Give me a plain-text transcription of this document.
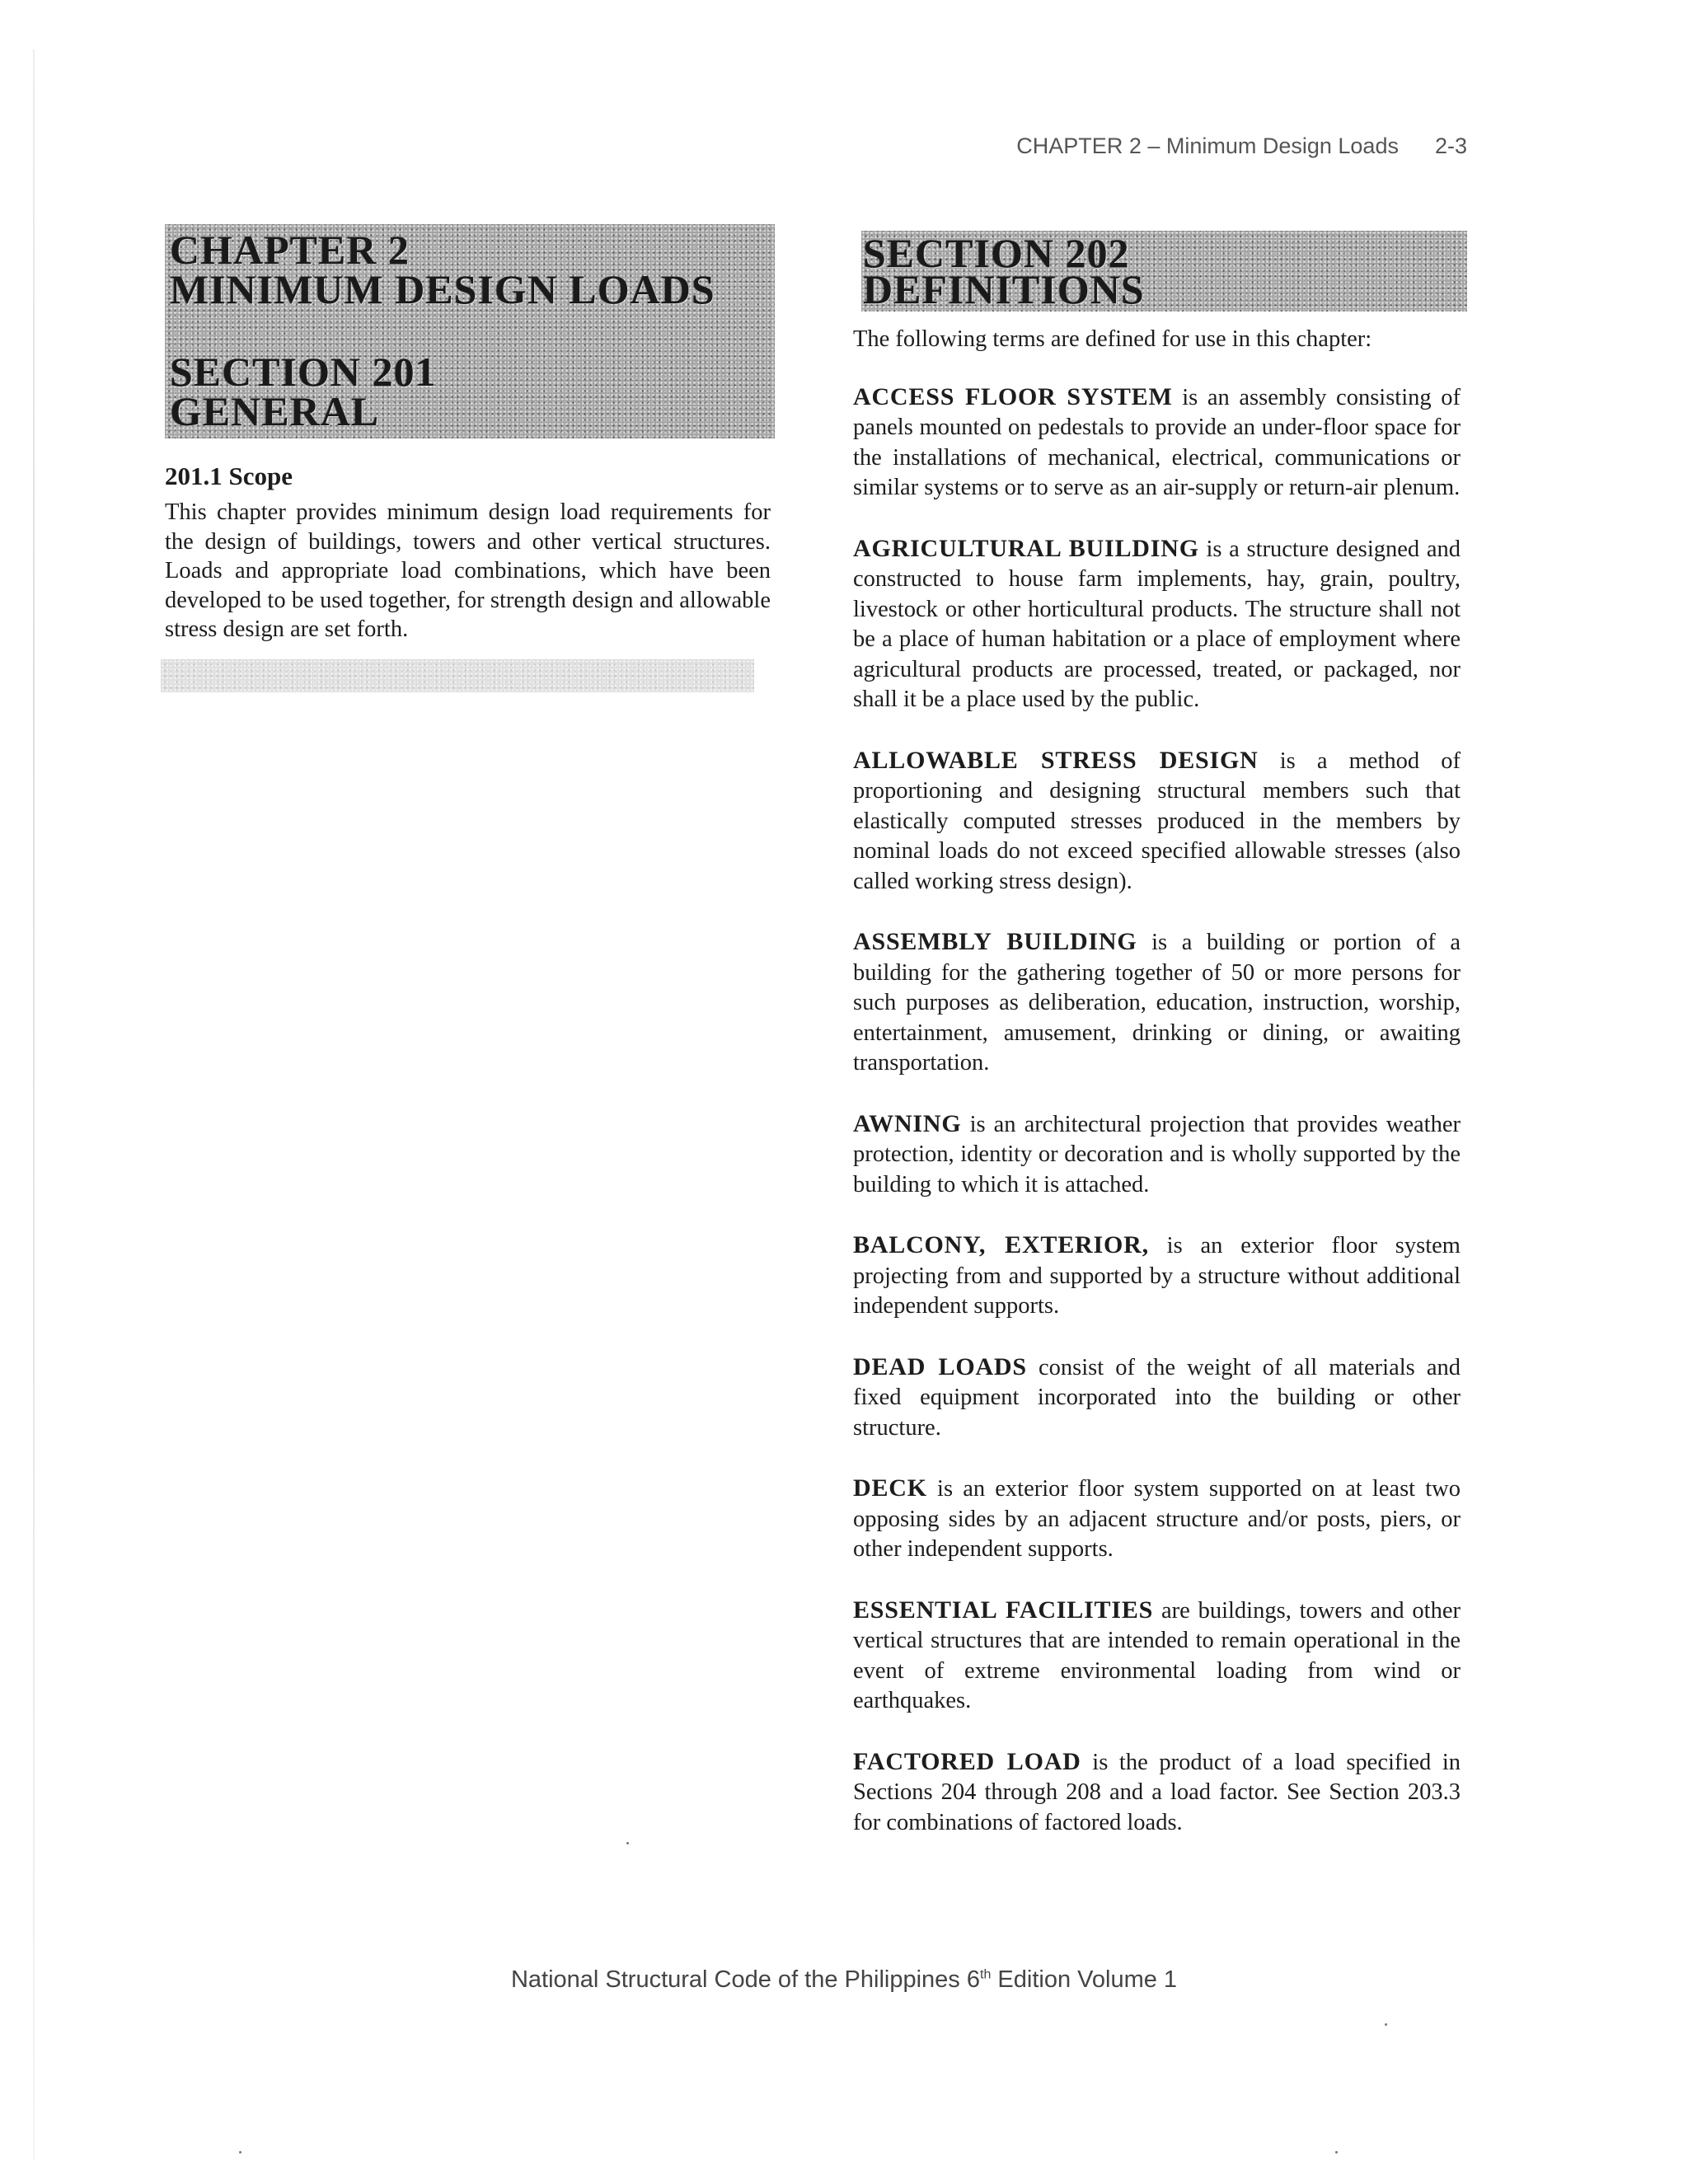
CHAPTER 2 – Minimum Design Loads 2-3
CHAPTER 2
MINIMUM DESIGN LOADS
SECTION 201
GENERAL
201.1 Scope

This chapter provides minimum design load requirements for the design of buildings, towers and other vertical structures. Loads and appropriate load combinations, which have been developed to be used together, for strength design and allowable stress design are set forth.

SECTION 202
DEFINITIONS

The following terms are defined for use in this chapter:

ACCESS FLOOR SYSTEM is an assembly consisting of panels mounted on pedestals to provide an under-floor space for the installations of mechanical, electrical, communications or similar systems or to serve as an air-supply or return-air plenum.

AGRICULTURAL BUILDING is a structure designed and constructed to house farm implements, hay, grain, poultry, livestock or other horticultural products. The structure shall not be a place of human habitation or a place of employment where agricultural products are processed, treated, or packaged, nor shall it be a place used by the public.

ALLOWABLE STRESS DESIGN is a method of proportioning and designing structural members such that elastically computed stresses produced in the members by nominal loads do not exceed specified allowable stresses (also called working stress design).

ASSEMBLY BUILDING is a building or portion of a building for the gathering together of 50 or more persons for such purposes as deliberation, education, instruction, worship, entertainment, amusement, drinking or dining, or awaiting transportation.

AWNING is an architectural projection that provides weather protection, identity or decoration and is wholly supported by the building to which it is attached.

BALCONY, EXTERIOR, is an exterior floor system projecting from and supported by a structure without additional independent supports.

DEAD LOADS consist of the weight of all materials and fixed equipment incorporated into the building or other structure.

DECK is an exterior floor system supported on at least two opposing sides by an adjacent structure and/or posts, piers, or other independent supports.

ESSENTIAL FACILITIES are buildings, towers and other vertical structures that are intended to remain operational in the event of extreme environmental loading from wind or earthquakes.

FACTORED LOAD is the product of a load specified in Sections 204 through 208 and a load factor. See Section 203.3 for combinations of factored loads.

National Structural Code of the Philippines 6th Edition Volume 1
